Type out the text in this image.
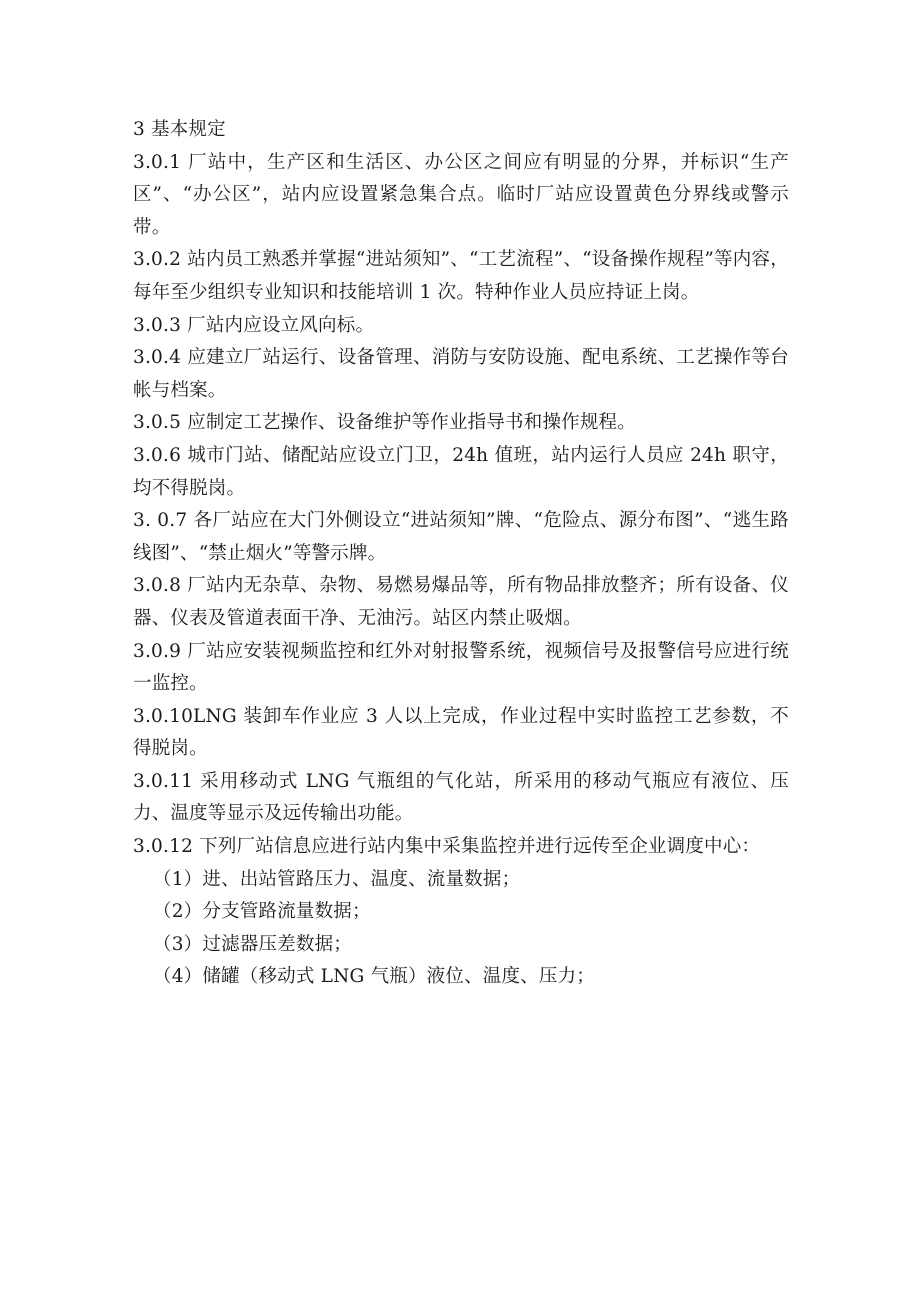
3 基本规定

3.0.1 厂站中，生产区和生活区、办公区之间应有明显的分界，并标识“生产区”、“办公区”，站内应设置紧急集合点。临时厂站应设置黄色分界线或警示带。

3.0.2 站内员工熟悉并掌握“进站须知”、“工艺流程”、“设备操作规程”等内容，每年至少组织专业知识和技能培训 1 次。特种作业人员应持证上岗。

3.0.3 厂站内应设立风向标。

3.0.4 应建立厂站运行、设备管理、消防与安防设施、配电系统、工艺操作等台帐与档案。

3.0.5 应制定工艺操作、设备维护等作业指导书和操作规程。

3.0.6 城市门站、储配站应设立门卫，24h 值班，站内运行人员应 24h 职守，均不得脱岗。

3. 0.7 各厂站应在大门外侧设立“进站须知”牌、“危险点、源分布图”、“逃生路线图”、“禁止烟火”等警示牌。

3.0.8 厂站内无杂草、杂物、易燃易爆品等，所有物品排放整齐；所有设备、仪器、仪表及管道表面干净、无油污。站区内禁止吸烟。

3.0.9 厂站应安装视频监控和红外对射报警系统，视频信号及报警信号应进行统一监控。

3.0.10LNG 装卸车作业应 3 人以上完成，作业过程中实时监控工艺参数，不得脱岗。

3.0.11 采用移动式 LNG 气瓶组的气化站，所采用的移动气瓶应有液位、压力、温度等显示及远传输出功能。

3.0.12 下列厂站信息应进行站内集中采集监控并进行远传至企业调度中心：

（1）进、出站管路压力、温度、流量数据；

（2）分支管路流量数据；

（3）过滤器压差数据；

（4）储罐（移动式 LNG 气瓶）液位、温度、压力；
